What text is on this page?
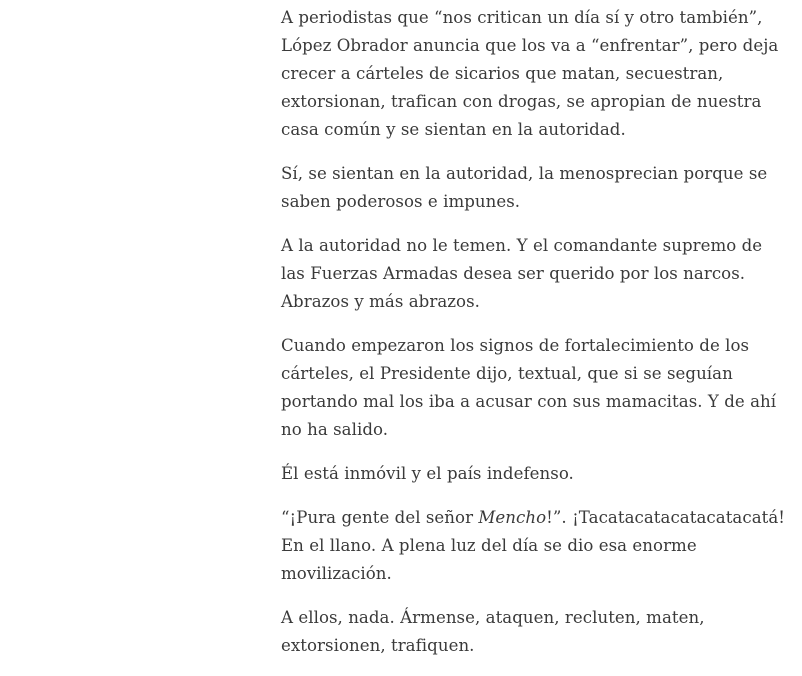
A periodistas que “nos critican un día sí y otro también”, López Obrador anuncia que los va a “enfrentar”, pero deja crecer a cárteles de sicarios que matan, secuestran, extorsionan, trafican con drogas, se apropian de nuestra casa común y se sientan en la autoridad.

Sí, se sientan en la autoridad, la menosprecian porque se saben poderosos e impunes.

A la autoridad no le temen. Y el comandante supremo de las Fuerzas Armadas desea ser querido por los narcos. Abrazos y más abrazos.

Cuando empezaron los signos de fortalecimiento de los cárteles, el Presidente dijo, textual, que si se seguían portando mal los iba a acusar con sus mamacitas. Y de ahí no ha salido.

Él está inmóvil y el país indefenso.

“¡Pura gente del señor Mencho!”. ¡Tacatacatacatacatacatá! En el llano. A plena luz del día se dio esa enorme movilización.

A ellos, nada. Ármense, ataquen, recluten, maten, extorsionen, trafiquen.
